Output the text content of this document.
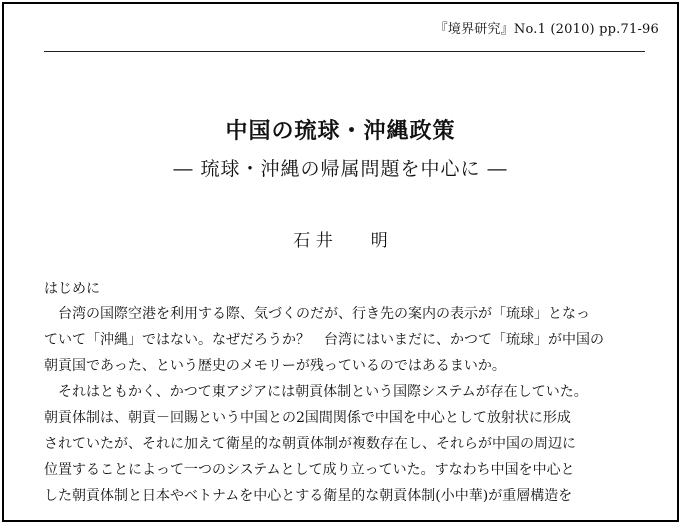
『境界研究』No.1 (2010) pp.71-96
中国の琉球・沖縄政策
― 琉球・沖縄の帰属問題を中心に ―
石 井 明
はじめに
台湾の国際空港を利用する際、気づくのだが、行き先の案内の表示が「琉球」となっ
ていて「沖縄」ではない。なぜだろうか？　台湾にはいまだに、かつて「琉球」が中国の
朝貢国であった、という歴史のメモリーが残っているのではあるまいか。
それはともかく、かつて東アジアには朝貢体制という国際システムが存在していた。
朝貢体制は、朝貢－回賜という中国との2国間関係で中国を中心として放射状に形成
されていたが、それに加えて衛星的な朝貢体制が複数存在し、それらが中国の周辺に
位置することによって一つのシステムとして成り立っていた。すなわち中国を中心と
した朝貢体制と日本やベトナムを中心とする衛星的な朝貢体制(小中華)が重層構造を
